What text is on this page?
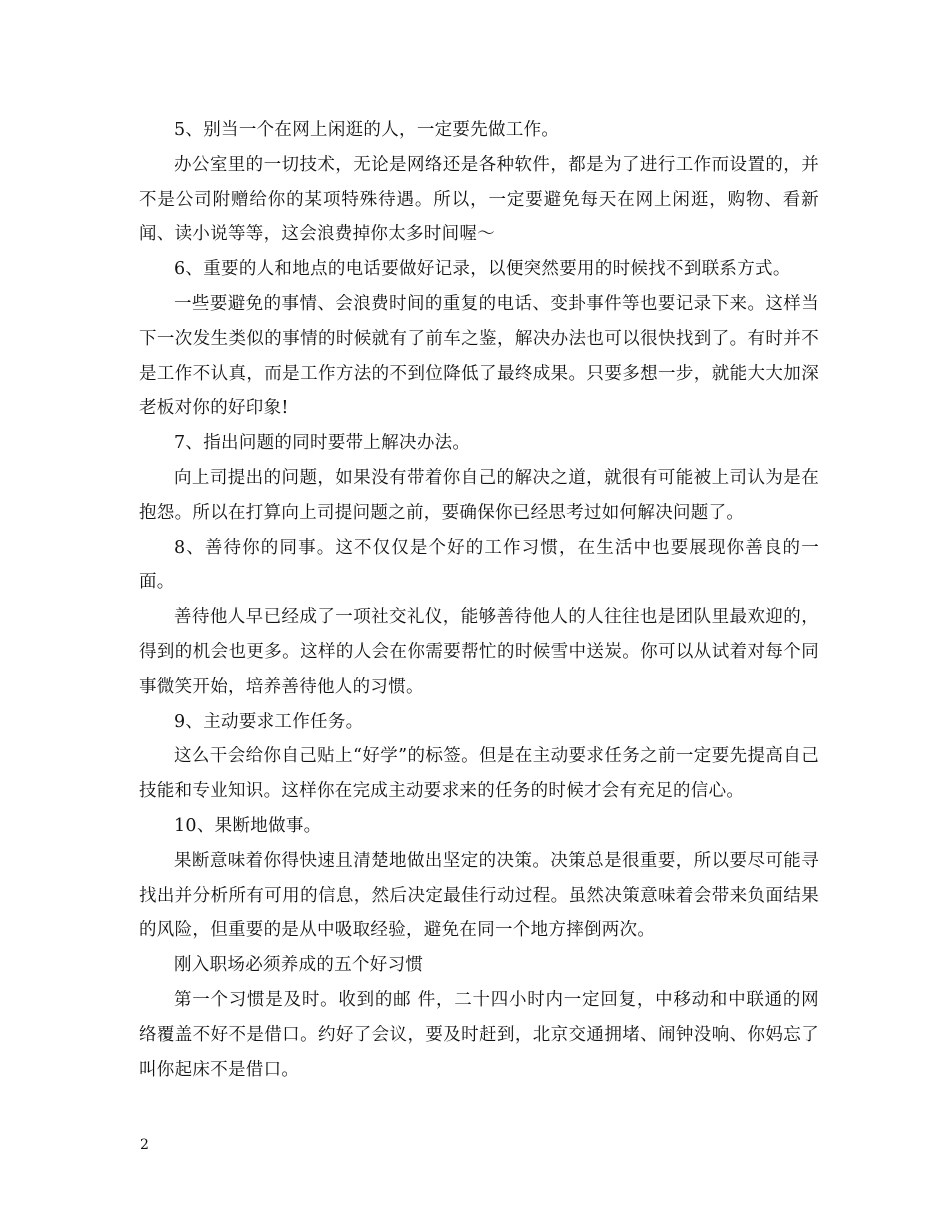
5、别当一个在网上闲逛的人，一定要先做工作。

办公室里的一切技术，无论是网络还是各种软件，都是为了进行工作而设置的，并不是公司附赠给你的某项特殊待遇。所以，一定要避免每天在网上闲逛，购物、看新闻、读小说等等，这会浪费掉你太多时间喔～

6、重要的人和地点的电话要做好记录，以便突然要用的时候找不到联系方式。

一些要避免的事情、会浪费时间的重复的电话、变卦事件等也要记录下来。这样当下一次发生类似的事情的时候就有了前车之鉴，解决办法也可以很快找到了。有时并不是工作不认真，而是工作方法的不到位降低了最终成果。只要多想一步，就能大大加深老板对你的好印象!

7、指出问题的同时要带上解决办法。

向上司提出的问题，如果没有带着你自己的解决之道，就很有可能被上司认为是在抱怨。所以在打算向上司提问题之前，要确保你已经思考过如何解决问题了。

8、善待你的同事。这不仅仅是个好的工作习惯，在生活中也要展现你善良的一面。

善待他人早已经成了一项社交礼仪，能够善待他人的人往往也是团队里最欢迎的，得到的机会也更多。这样的人会在你需要帮忙的时候雪中送炭。你可以从试着对每个同事微笑开始，培养善待他人的习惯。

9、主动要求工作任务。

这么干会给你自己贴上“好学”的标签。但是在主动要求任务之前一定要先提高自己技能和专业知识。这样你在完成主动要求来的任务的时候才会有充足的信心。

10、果断地做事。

果断意味着你得快速且清楚地做出坚定的决策。决策总是很重要，所以要尽可能寻找出并分析所有可用的信息，然后决定最佳行动过程。虽然决策意味着会带来负面结果的风险，但重要的是从中吸取经验，避免在同一个地方摔倒两次。

刚入职场必须养成的五个好习惯

第一个习惯是及时。收到的邮 件，二十四小时内一定回复，中移动和中联通的网络覆盖不好不是借口。约好了会议，要及时赶到，北京交通拥堵、闹钟没响、你妈忘了叫你起床不是借口。

2
